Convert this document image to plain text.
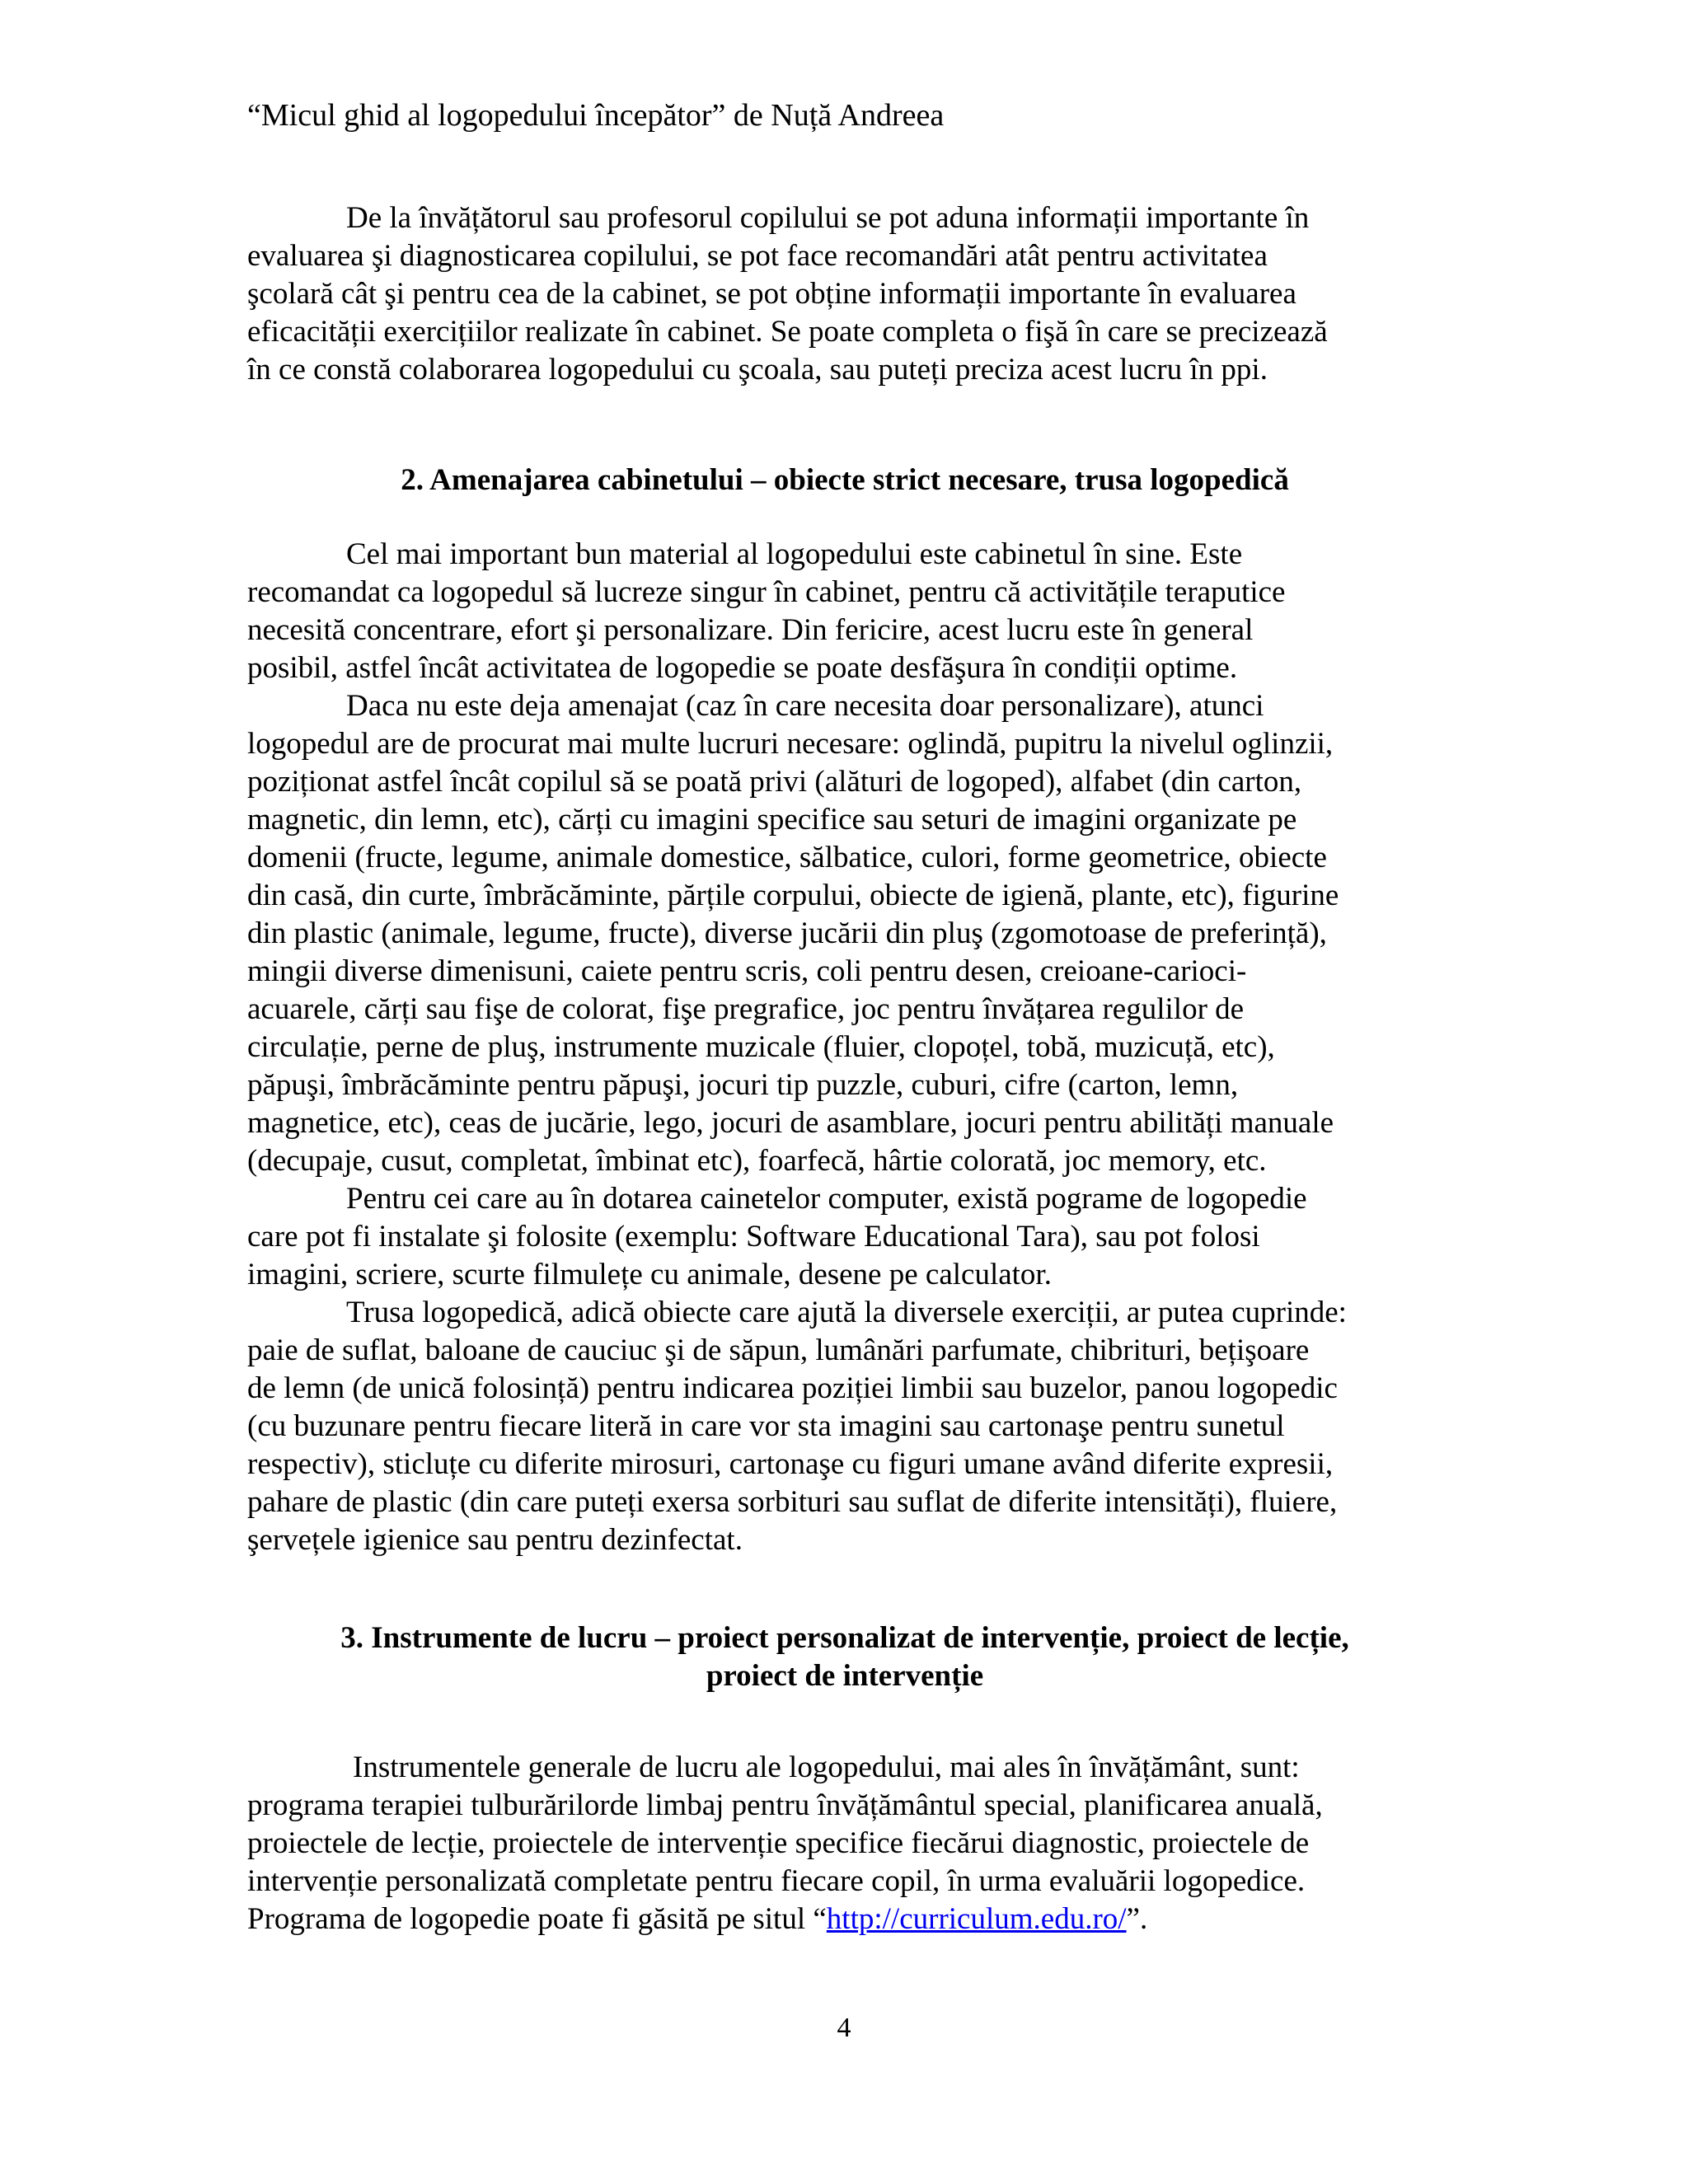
“Micul ghid al logopedului începător” de Nuță Andreea

De la învățătorul sau profesorul copilului se pot aduna informații importante în
evaluarea şi diagnosticarea copilului, se pot face recomandări atât pentru activitatea
şcolară cât şi pentru cea de la cabinet, se pot obține informații importante în evaluarea
eficacității exercițiilor realizate în cabinet. Se poate completa o fişă în care se precizează
în ce constă colaborarea logopedului cu şcoala, sau puteți preciza acest lucru în ppi.

2. Amenajarea cabinetului – obiecte strict necesare, trusa logopedică

Cel mai important bun material al logopedului este cabinetul în sine. Este
recomandat ca logopedul să lucreze singur în cabinet, pentru că activitățile teraputice
necesită concentrare, efort şi personalizare. Din fericire, acest lucru este în general
posibil, astfel încât activitatea de logopedie se poate desfăşura în condiții optime.

Daca nu este deja amenajat (caz în care necesita doar personalizare), atunci
logopedul are de procurat mai multe lucruri necesare: oglindă, pupitru la nivelul oglinzii,
poziționat astfel încât copilul să se poată privi (alături de logoped), alfabet (din carton,
magnetic, din lemn, etc), cărți cu imagini specifice sau seturi de imagini organizate pe
domenii (fructe, legume, animale domestice, sălbatice, culori, forme geometrice, obiecte
din casă, din curte, îmbrăcăminte, părțile corpului, obiecte de igienă, plante, etc), figurine
din plastic (animale, legume, fructe), diverse jucării din pluş (zgomotoase de preferință),
mingii diverse dimenisuni, caiete pentru scris, coli pentru desen, creioane-carioci-
acuarele, cărți sau fişe de colorat, fişe pregrafice, joc pentru învățarea regulilor de
circulație, perne de pluş, instrumente muzicale (fluier, clopoțel, tobă, muzicuță, etc),
păpuşi, îmbrăcăminte pentru păpuşi, jocuri tip puzzle, cuburi, cifre (carton, lemn,
magnetice, etc), ceas de jucărie, lego, jocuri de asamblare, jocuri pentru abilități manuale
(decupaje, cusut, completat, îmbinat etc), foarfecă, hârtie colorată, joc memory, etc.

Pentru cei care au în dotarea cainetelor computer, există pograme de logopedie
care pot fi instalate şi folosite (exemplu: Software Educational Tara), sau pot folosi
imagini, scriere, scurte filmulețe cu animale, desene pe calculator.

Trusa logopedică, adică obiecte care ajută la diversele exerciții, ar putea cuprinde:
paie de suflat, baloane de cauciuc şi de săpun, lumânări parfumate, chibrituri, bețişoare
de lemn (de unică folosință) pentru indicarea poziției limbii sau buzelor, panou logopedic
(cu buzunare pentru fiecare literă in care vor sta imagini sau cartonaşe pentru sunetul
respectiv), sticluțe cu diferite mirosuri, cartonaşe cu figuri umane având diferite expresii,
pahare de plastic (din care puteți exersa sorbituri sau suflat de diferite intensități), fluiere,
şervețele igienice sau pentru dezinfectat.

3. Instrumente de lucru – proiect personalizat de intervenție, proiect de lecție,
proiect de intervenție

Instrumentele generale de lucru ale logopedului, mai ales în învățământ, sunt:
programa terapiei tulburărilorde limbaj pentru învățământul special, planificarea anuală,
proiectele de lecție, proiectele de intervenție specifice fiecărui diagnostic, proiectele de
intervenție personalizată completate pentru fiecare copil, în urma evaluării logopedice.
Programa de logopedie poate fi găsită pe situl “http://curriculum.edu.ro/”.

4
